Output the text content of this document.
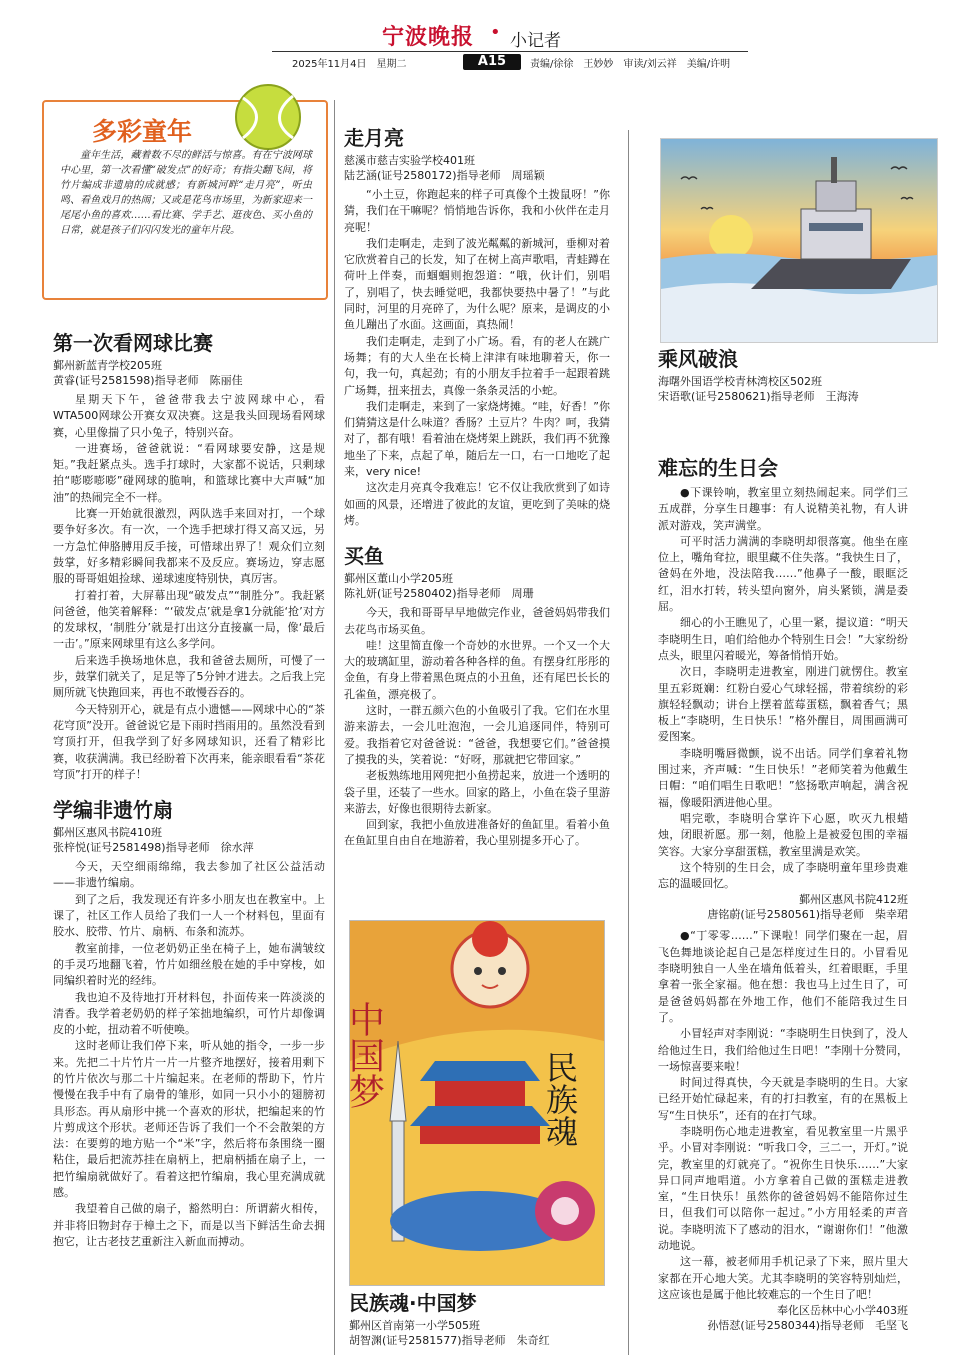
宁波晚报 • 小记者
2025年11月4日　星期二	A15	责编/徐徐　王妙妙　审读/刘云祥　美编/许明
多彩童年
童年生活，藏着数不尽的鲜活与惊喜。有在宁波网球中心里，第一次看懂“破发点”的好奇；有指尖翻飞间，将竹片编成非遗扇的成就感；有新城河畔“走月亮”，听虫鸣、看鱼戏月的热闹；又或是花鸟市场里，为新家迎来一尾尾小鱼的喜欢……看比赛、学手艺、逛夜色、买小鱼的日常，就是孩子们闪闪发光的童年片段。
第一次看网球比赛
鄞州新蓝青学校205班
黄睿(证号2581598)指导老师　陈丽佳

星期天下午，爸爸带我去宁波网球中心，看WTA500网球公开赛女双决赛。这是我头回现场看网球赛，心里像揣了只小兔子，特别兴奋。

一进赛场，爸爸就说：“看网球要安静，这是规矩。”我赶紧点头。选手打球时，大家都不说话，只剩球拍“嘭嘭嘭嘭”碰网球的脆响，和篮球比赛中大声喊“加油”的热闹完全不一样。

比赛一开始就很激烈，两队选手来回对打，一个球要争好多次。有一次，一个选手把球打得又高又远，另一方急忙伸胳膊用反手接，可惜球出界了！观众们立刻鼓掌，好多精彩瞬间我都来不及反应。赛场边，穿志愿服的哥哥姐姐捡球、递球速度特别快，真厉害。

打着打着，大屏幕出现“破发点”“制胜分”。我赶紧问爸爸，他笑着解释：“‘破发点’就是拿1分就能‘抢’对方的发球权，‘制胜分’就是打出这分直接赢一局，像‘最后一击’。”原来网球里有这么多学问。

后来选手换场地休息，我和爸爸去厕所，可慢了一步，鼓掌们就关了，足足等了5分钟才进去。之后我上完厕所就飞快跑回来，再也不敢慢吞吞的。

今天特别开心，就是有点小遗憾——网球中心的“茶花穹顶”没开。爸爸说它是下雨时挡雨用的。虽然没看到穹顶打开，但我学到了好多网球知识，还看了精彩比赛，收获满满。我已经盼着下次再来，能亲眼看看“茶花穹顶”打开的样子！

学编非遗竹扇
鄞州区惠风书院410班
张梓悦(证号2581498)指导老师　徐水萍

今天，天空细雨绵绵，我去参加了社区公益活动——非遗竹编扇。

到了之后，我发现还有许多小朋友也在教室中。上课了，社区工作人员给了我们一人一个材料包，里面有胶水、胶带、竹片、扇柄、布条和流苏。

教室前排，一位老奶奶正坐在椅子上，她布满皱纹的手灵巧地翻飞着，竹片如细丝般在她的手中穿梭，如同编织着时光的经纬。

我也迫不及待地打开材料包，扑面传来一阵淡淡的清香。我学着老奶奶的样子笨拙地编织，可竹片却像调皮的小蛇，扭动着不听使唤。

这时老师让我们停下来，听从她的指令，一步一步来。先把二十片竹片一片一片整齐地摆好，接着用剩下的竹片依次与那二十片编起来。在老师的帮助下，竹片慢慢在我手中有了扇骨的雏形，如同一只小小的翅膀初具形态。再从扇形中挑一个喜欢的形状，把编起来的竹片剪成这个形状。老师还告诉了我们一个不会散架的方法：在要剪的地方贴一个“米”字，然后将布条围绕一圈粘住，最后把流苏挂在扇柄上，把扇柄插在扇子上，一把竹编扇就做好了。看着这把竹编扇，我心里充满成就感。

我望着自己做的扇子，豁然明白：所谓薪火相传，并非将旧物封存于樟土之下，而是以当下鲜活生命去拥抱它，让古老技艺重新注入新血而搏动。

走月亮
慈溪市慈吉实验学校401班
陆艺涵(证号2580172)指导老师　周瑶颖

“小土豆，你跑起来的样子可真像个土拨鼠呀！”你猜，我们在干嘛呢？悄悄地告诉你，我和小伙伴在走月亮呢！

我们走啊走，走到了波光粼粼的新城河，垂柳对着它欣赏着自己的长发，知了在树上高声歌唱，青蛙蹲在荷叶上伴奏，而蝈蝈则抱怨道：“哦，伙计们，别唱了，别唱了，快去睡觉吧，我都快要热中暑了！”与此同时，河里的月亮碎了，为什么呢？原来，是调皮的小鱼儿蹦出了水面。这画面，真热闹！

我们走啊走，走到了小广场。看，有的老人在跳广场舞；有的大人坐在长椅上津津有味地聊着天，你一句，我一句，真起劲；有的小朋友手拉着手一起跟着跳广场舞，扭来扭去，真像一条条灵活的小蛇。

我们走啊走，来到了一家烧烤摊。“哇，好香！”你们猜猜这是什么味道？香肠？土豆片？牛肉？呵，我猜对了，都有哦！看着油在烧烤架上跳跃，我们再不犹豫地坐了下来，点起了单，随后左一口，右一口地吃了起来，very nice!

这次走月亮真令我难忘！它不仅让我欣赏到了如诗如画的风景，还增进了彼此的友谊，更吃到了美味的烧烤。

买鱼
鄞州区董山小学205班
陈礼妍(证号2580402)指导老师　周珊

今天，我和哥哥早早地做完作业，爸爸妈妈带我们去花鸟市场买鱼。

哇！这里简直像一个奇妙的水世界。一个又一个大大的玻璃缸里，游动着各种各样的鱼。有摆身红彤彤的金鱼，有身上带着黑色斑点的小丑鱼，还有尾巴长长的孔雀鱼，漂亮极了。

这时，一群五颜六色的小鱼吸引了我。它们在水里游来游去，一会儿吐泡泡，一会儿追逐同伴，特别可爱。我指着它对爸爸说：“爸爸，我想要它们。”爸爸摸了摸我的头，笑着说：“好呀，那就把它带回家。”

老板熟练地用网兜把小鱼捞起来，放进一个透明的袋子里，还装了一些水。回家的路上，小鱼在袋子里游来游去，好像也很期待去新家。

回到家，我把小鱼放进准备好的鱼缸里。看着小鱼在鱼缸里自由自在地游着，我心里别提多开心了。

乘风破浪
海曙外国语学校青林湾校区502班
宋语歌(证号2580621)指导老师　王海涛
难忘的生日会

●下课铃响，教室里立刻热闹起来。同学们三五成群，分享生日趣事：有人说精美礼物，有人讲派对游戏，笑声满堂。

可平时活力满满的李晓明却很落寞。他坐在座位上，嘴角耷拉，眼里藏不住失落。“我快生日了，爸妈在外地，没法陪我……”他鼻子一酸，眼眶泛红，泪水打转，转头望向窗外，肩头紧锁，满是委屈。

细心的小王瞧见了，心里一紧，提议道：“明天李晓明生日，咱们给他办个特别生日会！”大家纷纷点头，眼里闪着暖光，筹备悄悄开始。

次日，李晓明走进教室，刚进门就愣住。教室里五彩斑斓：红粉白爱心气球轻摇，带着缤纷的彩旗轻轻飘动；讲台上摆着蓝莓蛋糕，飘着香气；黑板上“李晓明，生日快乐！”格外醒目，周围画满可爱图案。

李晓明嘴唇微颤，说不出话。同学们拿着礼物围过来，齐声喊：“生日快乐！”老师笑着为他戴生日帽：“咱们唱生日歌吧！”悠扬歌声响起，满含祝福，像暖阳洒进他心里。

唱完歌，李晓明合掌许下心愿，吹灭九根蜡烛，闭眼祈愿。那一刻，他脸上是被爱包围的幸福笑容。大家分享甜蛋糕，教室里满是欢笑。

这个特别的生日会，成了李晓明童年里珍贵难忘的温暖回忆。

鄞州区惠风书院412班
唐铭蔚(证号2580561)指导老师　柴幸珺

●“丁零零……”下课啦！同学们聚在一起，眉飞色舞地谈论起自己是怎样度过生日的。小冒看见李晓明独自一人坐在墙角低着头，红着眼眶，手里拿着一张全家福。他在想：我也马上过生日了，可是爸爸妈妈都在外地工作，他们不能陪我过生日了。

小冒轻声对李刚说：“李晓明生日快到了，没人给他过生日，我们给他过生日吧！”李刚十分赞同，一场惊喜要来啦！

时间过得真快，今天就是李晓明的生日。大家已经开始忙碌起来，有的打扫教室，有的在黑板上写“生日快乐”，还有的在打气球。

李晓明伤心地走进教室，看见教室里一片黑乎乎。小冒对李刚说：“听我口令，三二一，开灯。”说完，教室里的灯就亮了。“祝你生日快乐……”大家异口同声地唱道。小方拿着自己做的蛋糕走进教室，“生日快乐！虽然你的爸爸妈妈不能陪你过生日，但我们可以陪你一起过。”小方用轻柔的声音说。李晓明流下了感动的泪水，“谢谢你们！”他激动地说。

这一幕，被老师用手机记录了下来，照片里大家都在开心地大笑。尤其李晓明的笑容特别灿烂，这应该也是属于他比较难忘的一个生日了吧！

奉化区岳林中心小学403班
孙悟怼(证号2580344)指导老师　毛坚飞
中国梦	民族魂
民族魂·中国梦
鄞州区首南第一小学505班
胡智渊(证号2581577)指导老师　朱奇红
